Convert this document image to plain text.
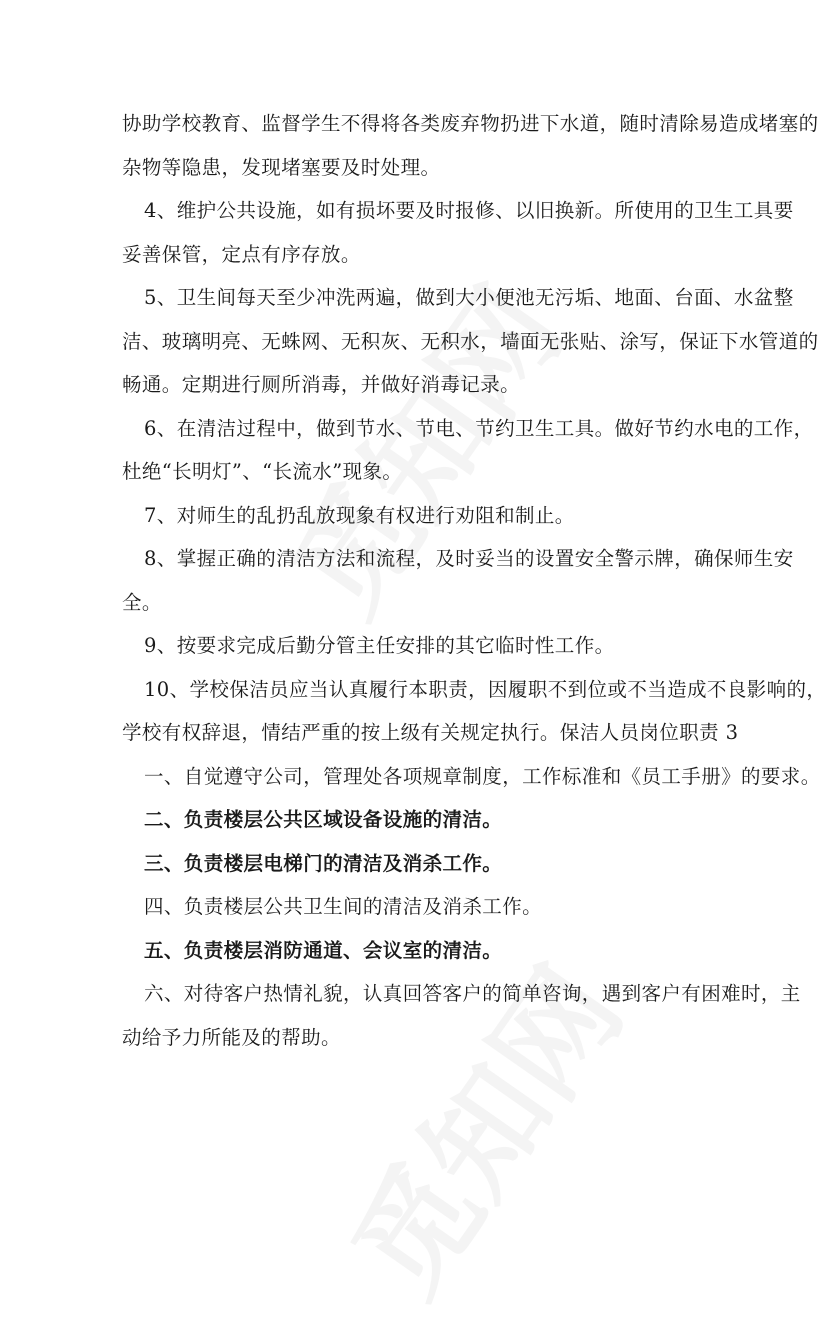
协助学校教育、监督学生不得将各类废弃物扔进下水道，随时清除易造成堵塞的
杂物等隐患，发现堵塞要及时处理。
4、维护公共设施，如有损坏要及时报修、以旧换新。所使用的卫生工具要
妥善保管，定点有序存放。
5、卫生间每天至少冲洗两遍，做到大小便池无污垢、地面、台面、水盆整
洁、玻璃明亮、无蛛网、无积灰、无积水，墙面无张贴、涂写，保证下水管道的
畅通。定期进行厕所消毒，并做好消毒记录。
6、在清洁过程中，做到节水、节电、节约卫生工具。做好节约水电的工作，
杜绝“长明灯”、“长流水”现象。
7、对师生的乱扔乱放现象有权进行劝阻和制止。
8、掌握正确的清洁方法和流程，及时妥当的设置安全警示牌，确保师生安
全。
9、按要求完成后勤分管主任安排的其它临时性工作。
10、学校保洁员应当认真履行本职责，因履职不到位或不当造成不良影响的，
学校有权辞退，情结严重的按上级有关规定执行。保洁人员岗位职责 3
一、自觉遵守公司，管理处各项规章制度，工作标准和《员工手册》的要求。
二、负责楼层公共区域设备设施的清洁。
三、负责楼层电梯门的清洁及消杀工作。
四、负责楼层公共卫生间的清洁及消杀工作。
五、负责楼层消防通道、会议室的清洁。
六、对待客户热情礼貌，认真回答客户的简单咨询，遇到客户有困难时，主
动给予力所能及的帮助。
